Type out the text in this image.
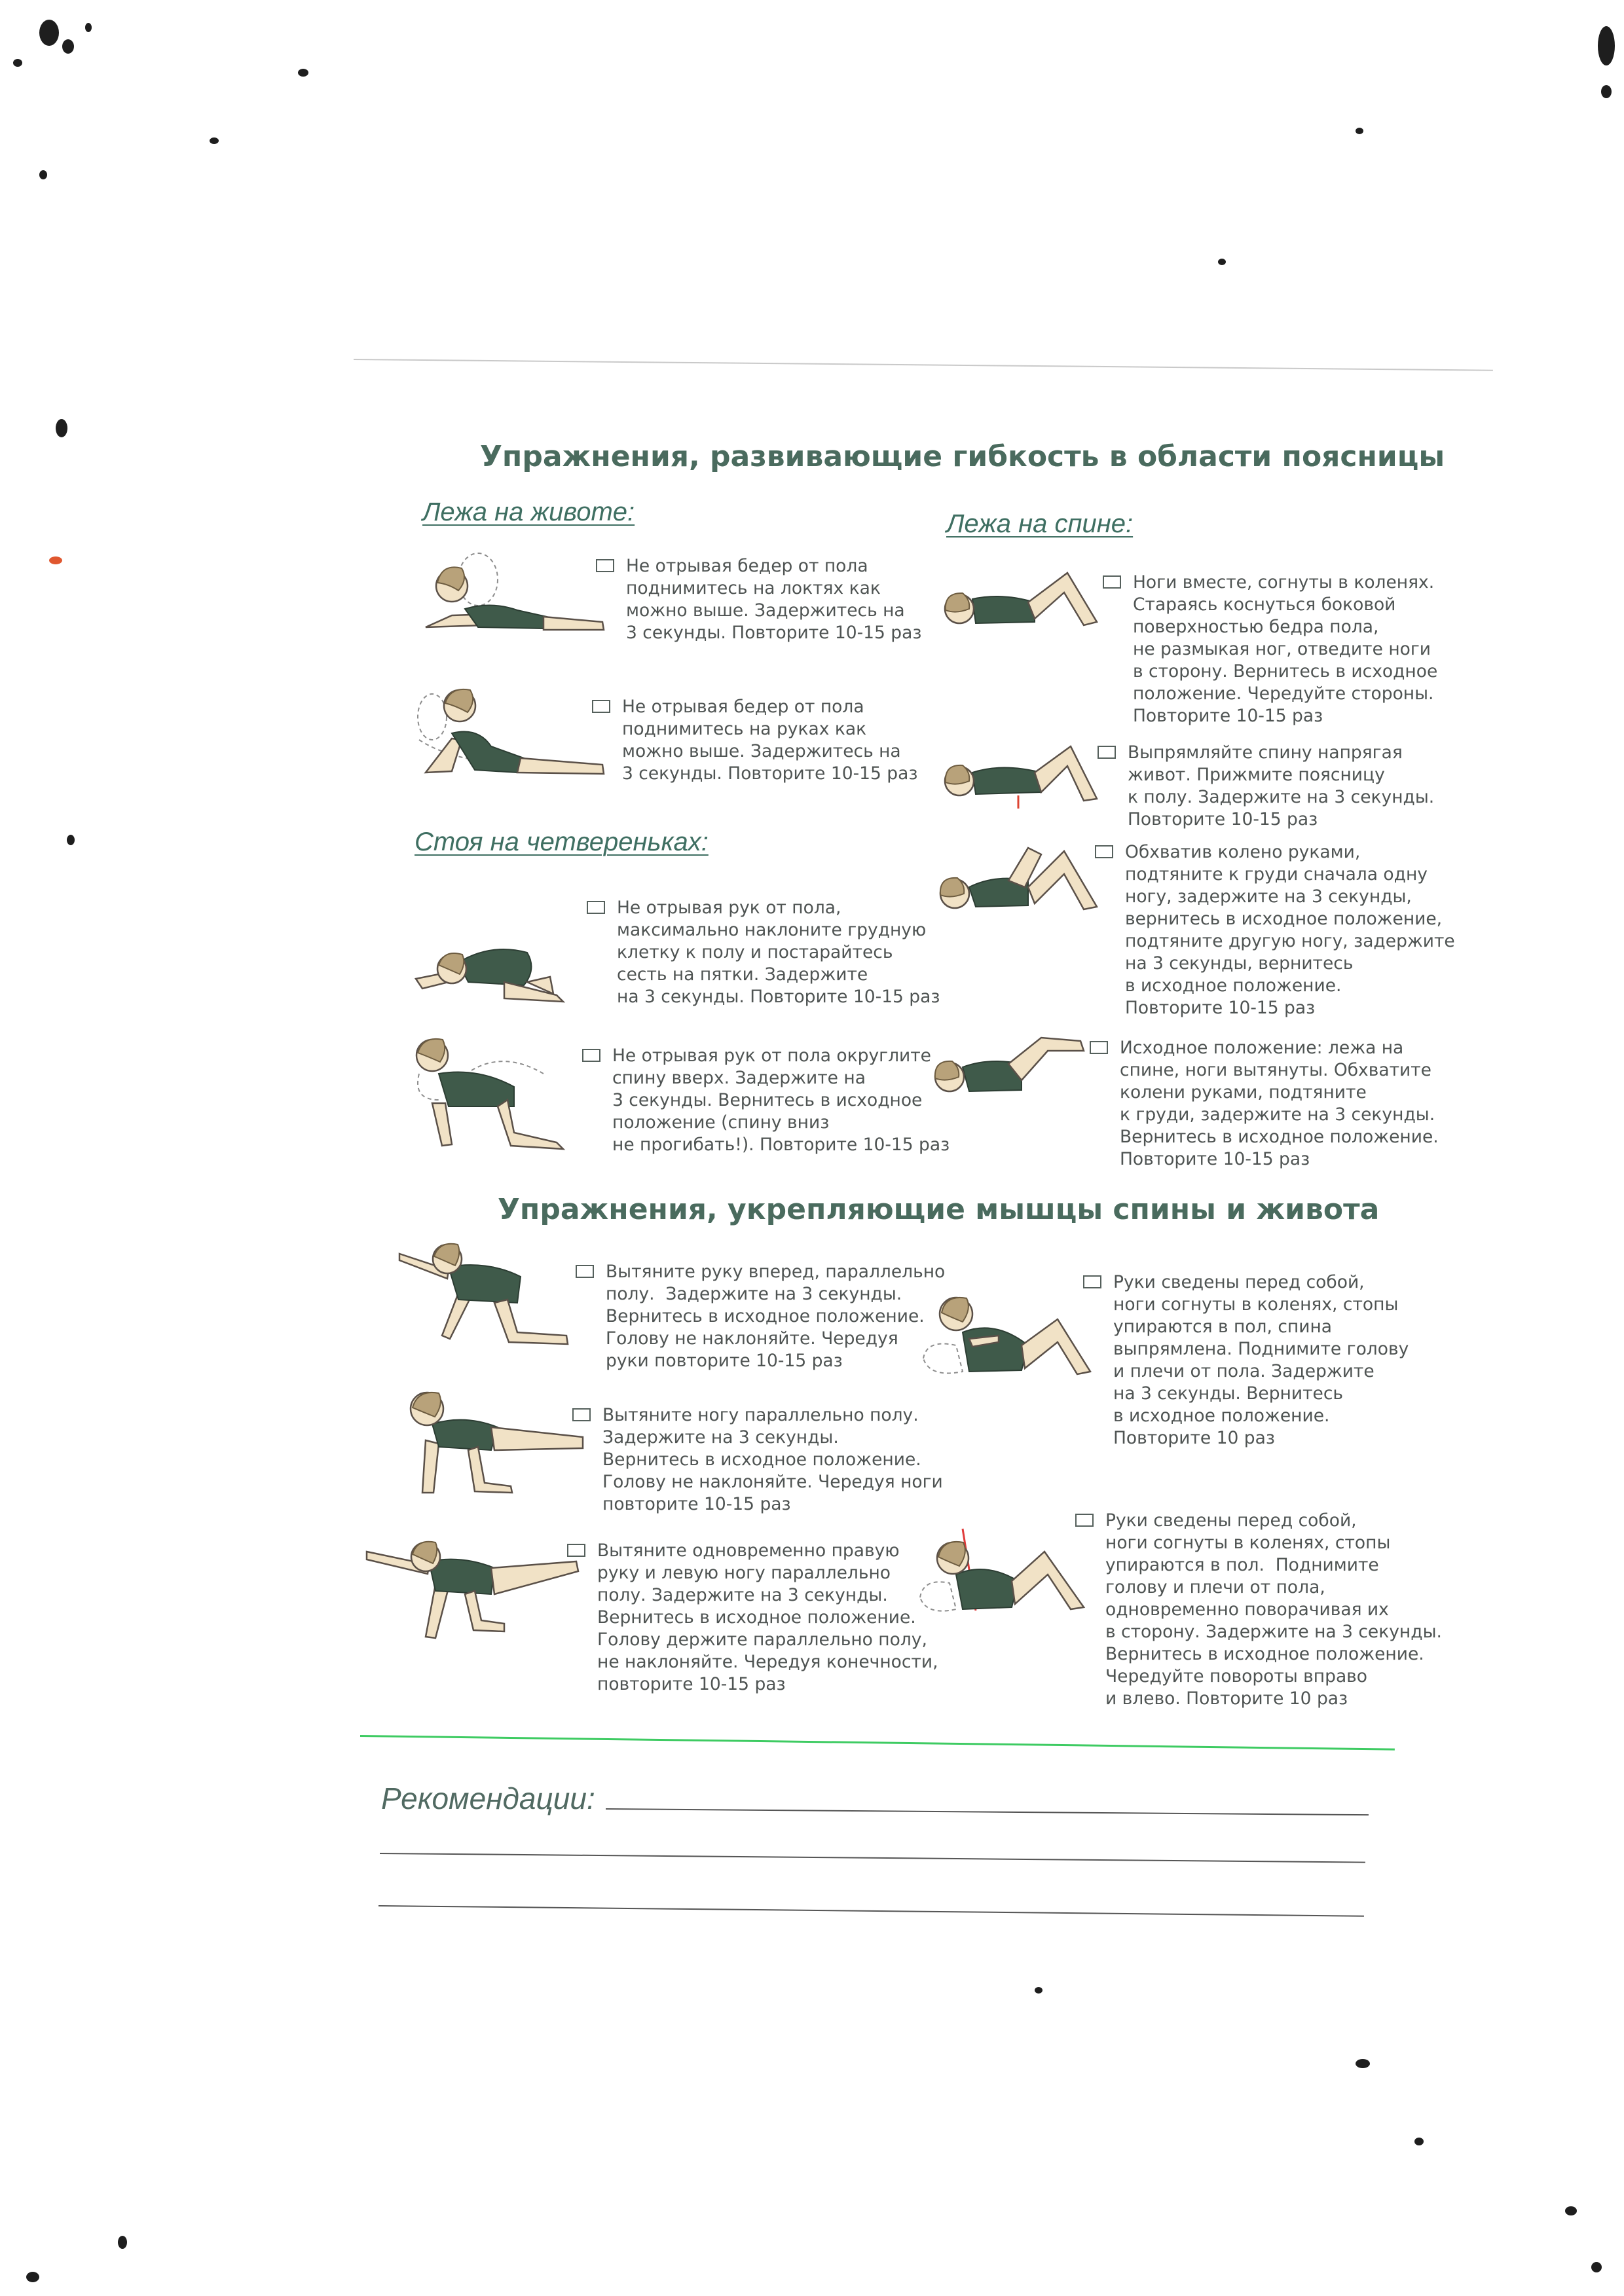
Упражнения, развивающие гибкость в области поясницы
Лежа на животе:
Не отрывая бедер от пола
поднимитесь на локтях как
можно выше. Задержитесь на
3 секунды. Повторите 10-15 раз
Не отрывая бедер от пола
поднимитесь на руках как
можно выше. Задержитесь на
3 секунды. Повторите 10-15 раз
Стоя на четвереньках:
Не отрывая рук от пола,
максимально наклоните грудную
клетку к полу и постарайтесь
сесть на пятки. Задержите
на 3 секунды. Повторите 10-15 раз
Не отрывая рук от пола округлите
спину вверх. Задержите на
3 секунды. Вернитесь в исходное
положение (спину вниз
не прогибать!). Повторите 10-15 раз
Лежа на спине:
Ноги вместе, согнуты в коленях.
Стараясь коснуться боковой
поверхностью бедра пола,
не размыкая ног, отведите ноги
в сторону. Вернитесь в исходное
положение. Чередуйте стороны.
Повторите 10-15 раз
Выпрямляйте спину напрягая
живот. Прижмите поясницу
к полу. Задержите на 3 секунды.
Повторите 10-15 раз
Обхватив колено руками,
подтяните к груди сначала одну
ногу, задержите на 3 секунды,
вернитесь в исходное положение,
подтяните другую ногу, задержите
на 3 секунды, вернитесь
в исходное положение.
Повторите 10-15 раз
Исходное положение: лежа на
спине, ноги вытянуты. Обхватите
колени руками, подтяните
к груди, задержите на 3 секунды.
Вернитесь в исходное положение.
Повторите 10-15 раз
Упражнения, укрепляющие мышцы спины и живота
Вытяните руку вперед, параллельно
полу.  Задержите на 3 секунды.
Вернитесь в исходное положение.
Голову не наклоняйте. Чередуя
руки повторите 10-15 раз
Вытяните ногу параллельно полу.
Задержите на 3 секунды.
Вернитесь в исходное положение.
Голову не наклоняйте. Чередуя ноги
повторите 10-15 раз
Вытяните одновременно правую
руку и левую ногу параллельно
полу. Задержите на 3 секунды.
Вернитесь в исходное положение.
Голову держите параллельно полу,
не наклоняйте. Чередуя конечности,
повторите 10-15 раз
Руки сведены перед собой,
ноги согнуты в коленях, стопы
упираются в пол, спина
выпрямлена. Поднимите голову
и плечи от пола. Задержите
на 3 секунды. Вернитесь
в исходное положение.
Повторите 10 раз
Руки сведены перед собой,
ноги согнуты в коленях, стопы
упираются в пол.  Поднимите
голову и плечи от пола,
одновременно поворачивая их
в сторону. Задержите на 3 секунды.
Вернитесь в исходное положение.
Чередуйте повороты вправо
и влево. Повторите 10 раз
Рекомендации:
